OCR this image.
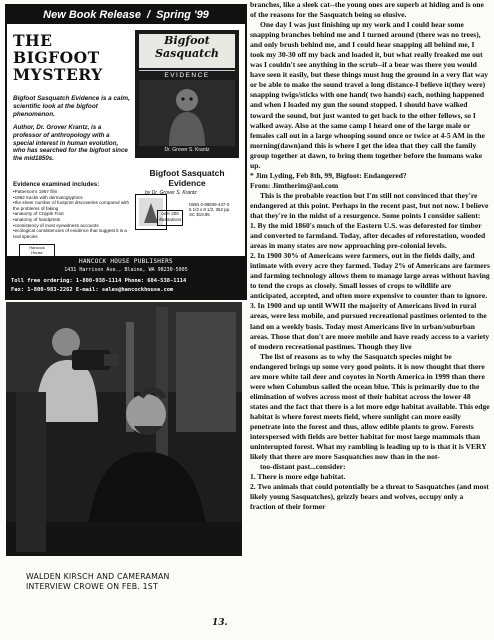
New Book Release / Spring '99
THE
BIGFOOT
MYSTERY
Bigfoot Sasquatch Evidence is a calm, scientific look at the bigfoot phenomenon.
Author, Dr. Grover Krantz, is a professor of anthropology with a special interest in human evolution, who has searched for the bigfoot since the mid1850s.
Evidence examined includes:
• Patterson's 1967 film
• 1982 tracks with dermatoglyphics
• the sheer number of footprint discoveries compared with the problems of faking
• anatomy of Cripple Foot
• anatomy of handprints
• consistency of most eyewitness accounts
• ecological consistencies of evidence that suggest it is a real species
Hancock
House
Bigfoot
Sasquatch
EVIDENCE
Dr. Grover S. Krantz
Bigfoot Sasquatch
Evidence
by Dr. Grover S. Krantz
over 200
illustrations
ISBN 0-88839-447-0
5 1/2 x 8 1/2, 352 pp.
SC $19.95
HANCOCK HOUSE PUBLISHERS
1431 Harrison Ave., Blaine, WA 98230-5005
Toll free ordering: 1-800-938-1114 Phone: 604-538-1114
Fax: 1-800-983-2262 E-mail: sales@hancockhouse.com
WALDEN KIRSCH AND CAMERAMAN
INTERVIEW CROWE ON FEB. 1ST
13.

branches, like a sleek cat--the young ones are superb at hiding and is one of the reasons for the Sasquatch being so elusive.

One day I was just finishing up my work and I could hear some snapping branches behind me and I turned around (there was no trees), and only brush behind me, and I could hear snapping all behind me, I took my 30-30 off my back and loaded it, but what really freaked me out was I couldn't see anything in the scrub--if a bear was there you would have seen it easily, but these things must hug the ground in a very flat way or be able to make the sound travel a long distance-I believe it(they were) snapping twigs/sticks with one hand( two hands) each, nothing happened and when I loaded my gun the sound stopped. I should have walked toward the sound, but just wanted to get back to the other fellows, so I walked away. Also at the same camp I heard one of the large male or females call out in a large whooping sound once or twice at 4-5 AM in the morning(dawn)and this is where I get the idea that they call the family group together at dawn, to bring them together before the humans wake up.

* Jim Lyding, Feb 8th, 99, Bigfoot: Endangered?

From: Jimtherim@aol.com

This is the probable reaction but I'm still not convinced that they're endangered at this point. Perhaps in the recent past, but not now. I believe that they're in the midst of a resurgence. Some points I consider salient:

1. By the mid 1860's much of the Eastern U.S. was deforested for timber and converted to farmland. Today, after decades of reforestation, wooded areas in many states are now approaching pre-colonial levels.

2. In 1900 30% of Americans were farmers, out in the fields daily, and intimate with every acre they farmed. Today 2% of Americans are farmers and farming technology allows them to manage large areas without having to tend the crops as closely. Small losses of crops to wildlife are anticipated, accepted, and often more expensive to counter than to ignore.

3. In 1900 and up until WWII the majority of Americans lived in rural areas, were less mobile, and pursued recreational pastimes oriented to the land on a weekly basis. Today most Americans live in urban/suburban areas. Those that don't are more mobile and have ready access to a variety of modern recreational pastimes. Though they live

The list of reasons as to why the Sasquatch species might be endangered brings up some very good points. it is now thought that there are more white tail deer and coyotes in North America in 1999 than there were when Columbus sailed the ocean blue. This is primarily due to the elimination of wolves across most of their habitat across the lower 48 states and the fact that there is a lot more edge habitat available. This edge habitat is where forest meets field, where sunlight can more easily penetrate into the forest and thus, allow edible plants to grow. Forests interspersed with fields are better habitat for most large mammals than uninterupted forest. What my rambling is leading up to is that it is VERY likely that there are more Sasquatches now than in the not-

too-distant past...consider:

1. There is more edge habitat.

2. Two animals that could potentially be a threat to Sasquatches (and most likely young Sasquatches), grizzly bears and wolves, occupy only a fraction of their former
